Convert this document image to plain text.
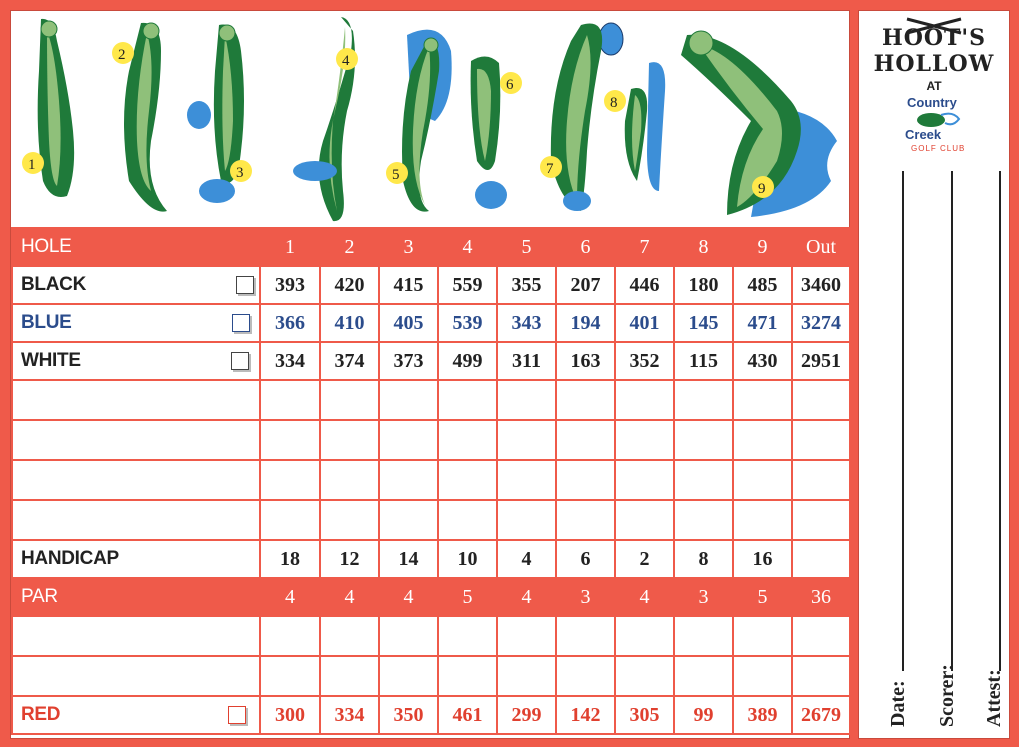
1
2
3
4
5
6
7
8
9
HOLE	1	2	3	4	5	6	7	8	9	Out
BLACK	393	420	415	559	355	207	446	180	485	3460
BLUE	366	410	405	539	343	194	401	145	471	3274
WHITE	334	374	373	499	311	163	352	115	430	2951

HANDICAP	18	12	14	10	4	6	2	8	16	
PAR	4	4	4	5	4	3	4	3	5	36

RED	300	334	350	461	299	142	305	99	389	2679
HOOT'S
HOLLOW
AT
Country
Creek
GOLF CLUB
Date: Scorer: Attest:
